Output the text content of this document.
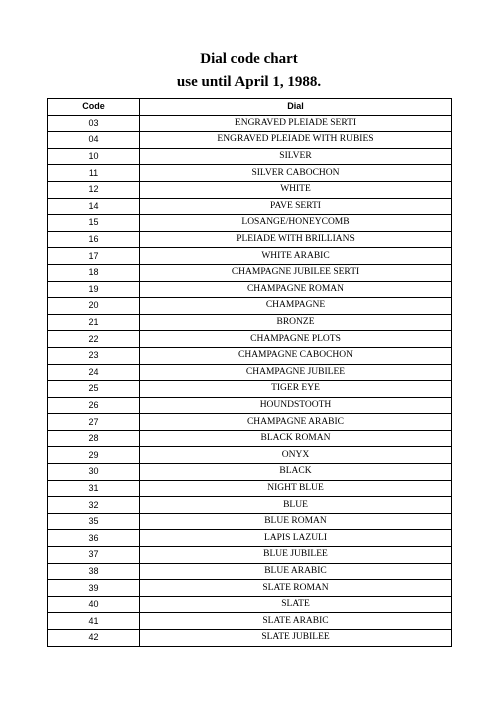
Dial code chart
use until April 1, 1988.
Code	Dial
03	ENGRAVED PLEIADE SERTI
04	ENGRAVED PLEIADE WITH RUBIES
10	SILVER
11	SILVER CABOCHON
12	WHITE
14	PAVE SERTI
15	LOSANGE/HONEYCOMB
16	PLEIADE WITH BRILLIANS
17	WHITE ARABIC
18	CHAMPAGNE JUBILEE SERTI
19	CHAMPAGNE ROMAN
20	CHAMPAGNE
21	BRONZE
22	CHAMPAGNE PLOTS
23	CHAMPAGNE CABOCHON
24	CHAMPAGNE JUBILEE
25	TIGER EYE
26	HOUNDSTOOTH
27	CHAMPAGNE ARABIC
28	BLACK ROMAN
29	ONYX
30	BLACK
31	NIGHT BLUE
32	BLUE
35	BLUE ROMAN
36	LAPIS LAZULI
37	BLUE JUBILEE
38	BLUE ARABIC
39	SLATE ROMAN
40	SLATE
41	SLATE ARABIC
42	SLATE JUBILEE
